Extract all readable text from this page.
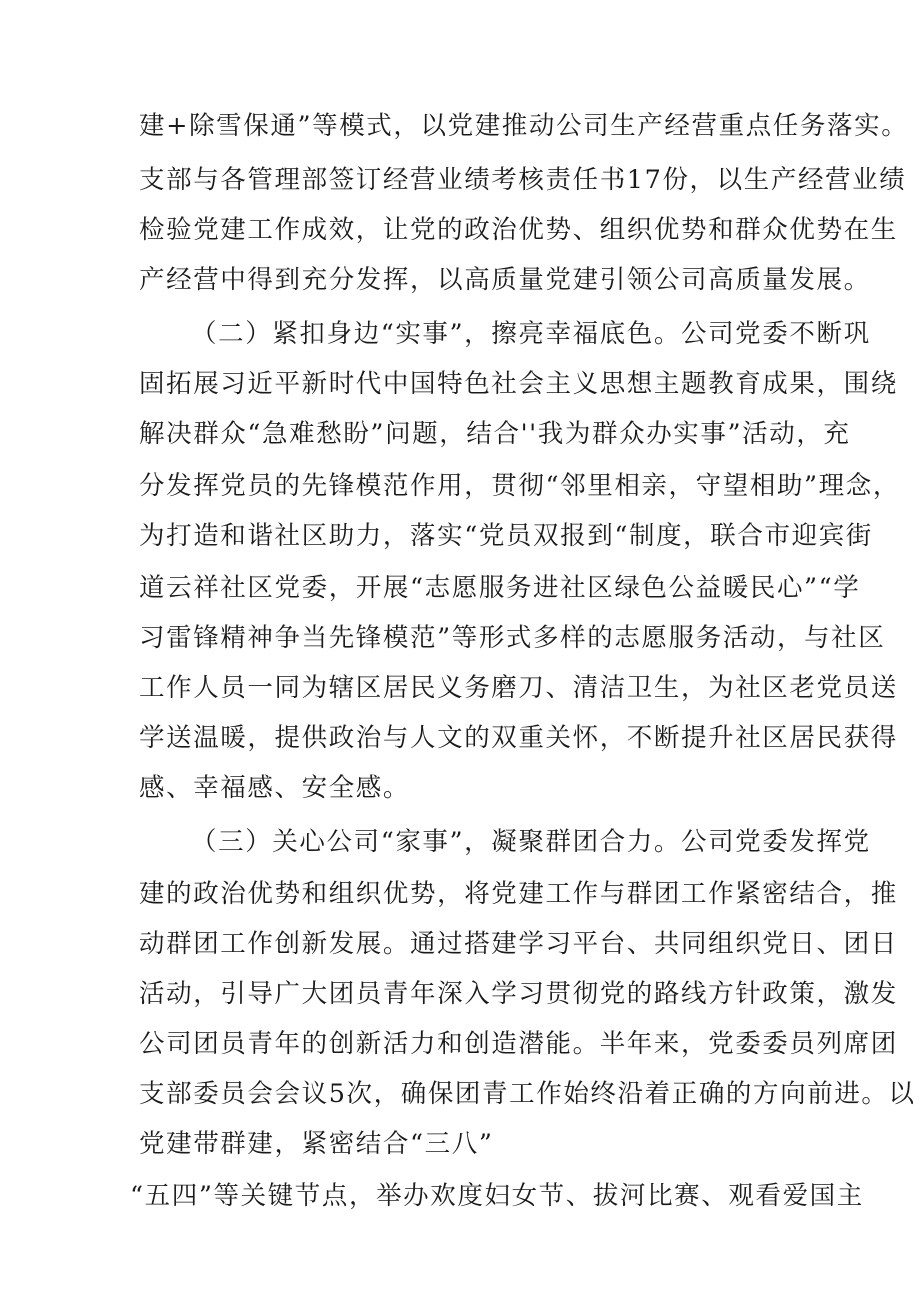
建+除雪保通”等模式，以党建推动公司生产经营重点任务落实。
支部与各管理部签订经营业绩考核责任书17份，以生产经营业绩
检验党建工作成效，让党的政治优势、组织优势和群众优势在生
产经营中得到充分发挥，以高质量党建引领公司高质量发展。
（二）紧扣身边“实事”，擦亮幸福底色。公司党委不断巩
固拓展习近平新时代中国特色社会主义思想主题教育成果，围绕
解决群众“急难愁盼”问题，结合''我为群众办实事”活动，充
分发挥党员的先锋模范作用，贯彻“邻里相亲，守望相助”理念，
为打造和谐社区助力，落实“党员双报到“制度，联合市迎宾街
道云祥社区党委，开展“志愿服务进社区绿色公益暖民心”“学
习雷锋精神争当先锋模范”等形式多样的志愿服务活动，与社区
工作人员一同为辖区居民义务磨刀、清洁卫生，为社区老党员送
学送温暖，提供政治与人文的双重关怀，不断提升社区居民获得
感、幸福感、安全感。
（三）关心公司“家事”，凝聚群团合力。公司党委发挥党
建的政治优势和组织优势，将党建工作与群团工作紧密结合，推
动群团工作创新发展。通过搭建学习平台、共同组织党日、团日
活动，引导广大团员青年深入学习贯彻党的路线方针政策，激发
公司团员青年的创新活力和创造潜能。半年来，党委委员列席团
支部委员会会议5次，确保团青工作始终沿着正确的方向前进。以
党建带群建，紧密结合“三八”
“五四”等关键节点，举办欢度妇女节、拔河比赛、观看爱国主
